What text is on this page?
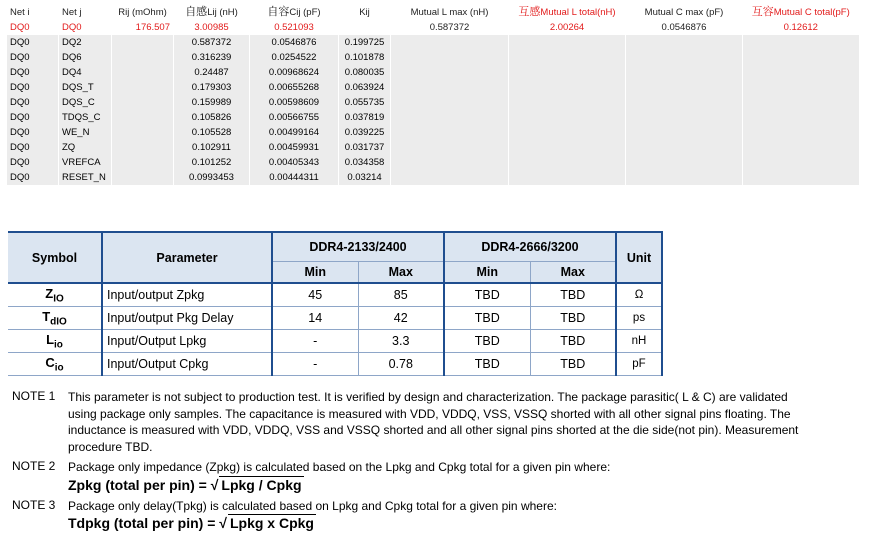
Net i	Net j	Rij (mOhm)	自感Lij (nH)	自容Cij (pF)	Kij	Mutual L max (nH)	互感Mutual L total(nH)	Mutual C max (pF)	互容Mutual C total(pF)
DQ0	DQ0	176.507	3.00985	0.521093		0.587372	2.00264	0.0546876	0.12612
DQ0	DQ2		0.587372	0.0546876	0.199725				
DQ0	DQ6		0.316239	0.0254522	0.101878				
DQ0	DQ4		0.24487	0.00968624	0.080035				
DQ0	DQS_T		0.179303	0.00655268	0.063924				
DQ0	DQS_C		0.159989	0.00598609	0.055735				
DQ0	TDQS_C		0.105826	0.00566755	0.037819				
DQ0	WE_N		0.105528	0.00499164	0.039225				
DQ0	ZQ		0.102911	0.00459931	0.031737				
DQ0	VREFCA		0.101252	0.00405343	0.034358				
DQ0	RESET_N		0.0993453	0.00444311	0.03214				
Symbol	Parameter	DDR4-2133/2400		DDR4-2666/3200		Unit
		Min	Max	Min	Max	
$Z_{IO}$	Input/output Zpkg	45	85	TBD	TBD	Ω
$T_{dIO}$	Input/output Pkg Delay	14	42	TBD	TBD	ps
$L_{io}$	Input/Output Lpkg	-	3.3	TBD	TBD	nH
$C_{io}$	Input/Output Cpkg	-	0.78	TBD	TBD	pF
NOTE 1 This parameter is not subject to production test. It is verified by design and characterization. The package parasitic( L & C) are validated using package only samples. The capacitance is measured with VDD, VDDQ, VSS, VSSQ shorted with all other signal pins floating. The inductance is measured with VDD, VDDQ, VSS and VSSQ shorted and all other signal pins shorted at the die side(not pin). Measurement procedure TBD.
NOTE 2 Package only impedance (Zpkg) is calculated based on the Lpkg and Cpkg total for a given pin where:
Zpkg (total per pin) = √ Lpkg / Cpkg
NOTE 3 Package only delay(Tpkg) is calculated based on Lpkg and Cpkg total for a given pin where:
Tdpkg (total per pin) = √ Lpkg x Cpkg
